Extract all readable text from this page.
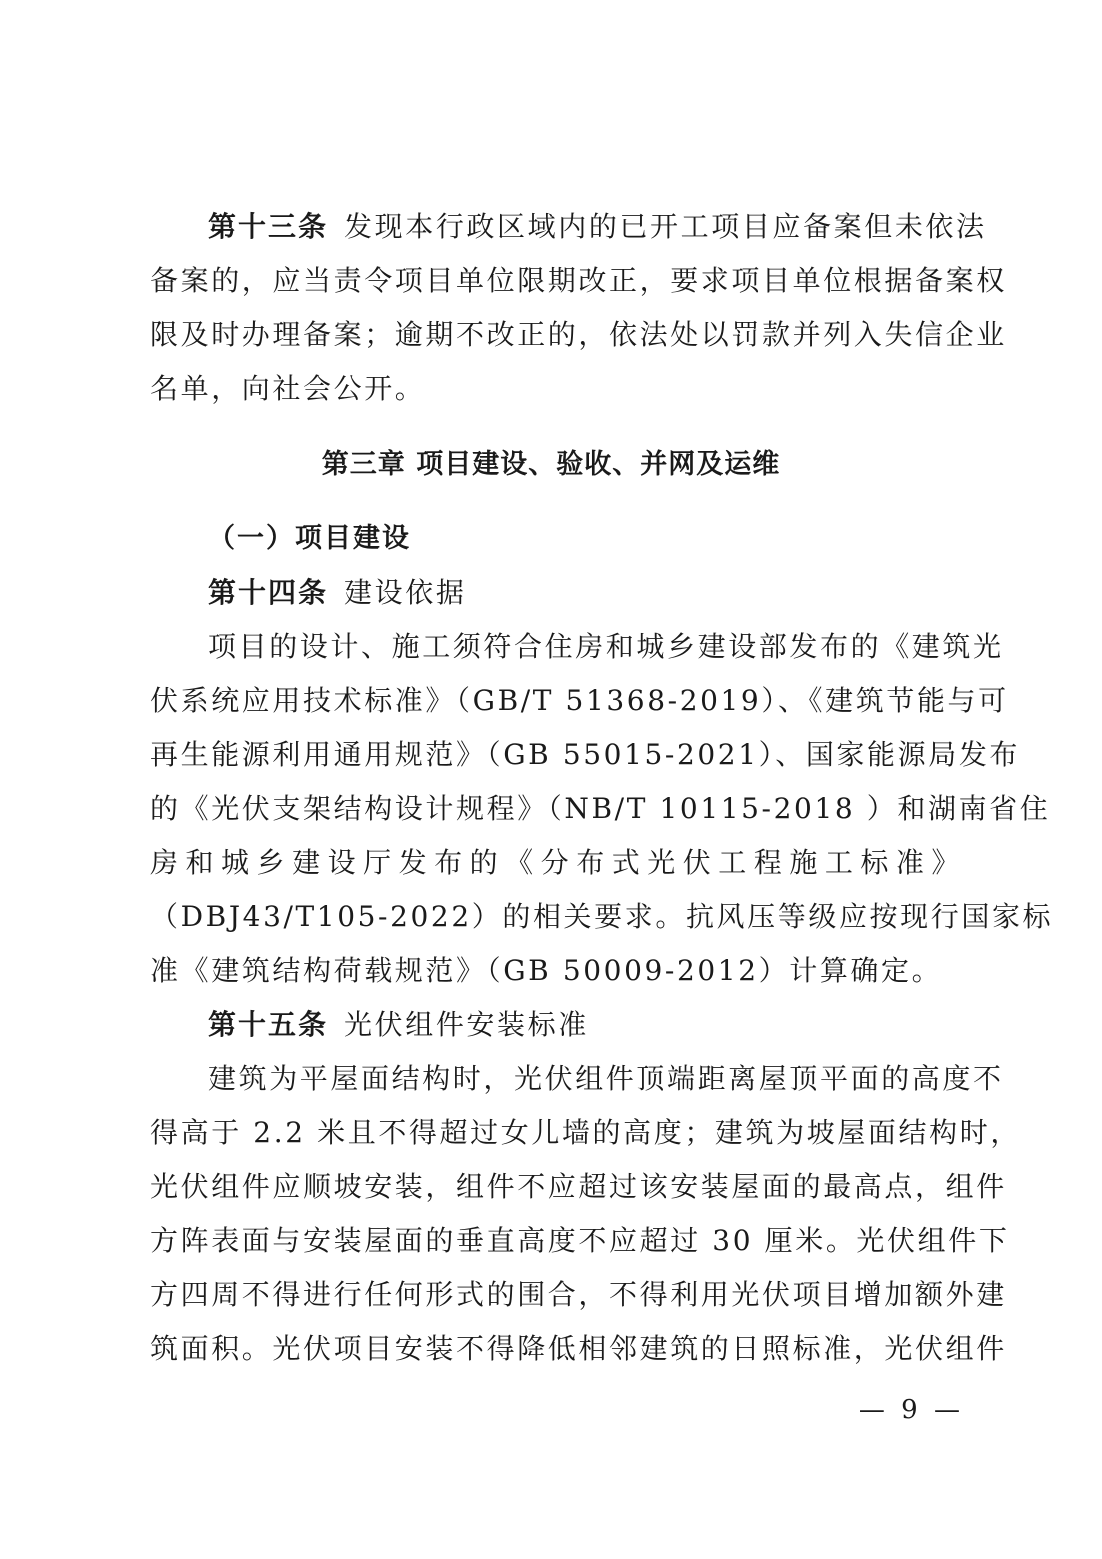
第十三条 发现本行政区域内的已开工项目应备案但未依法
备案的，应当责令项目单位限期改正，要求项目单位根据备案权
限及时办理备案；逾期不改正的，依法处以罚款并列入失信企业
名单，向社会公开。
第三章 项目建设、验收、并网及运维
（一）项目建设
第十四条 建设依据
项目的设计、施工须符合住房和城乡建设部发布的《建筑光
伏系统应用技术标准》（GB/T 51368-2019）、《建筑节能与可
再生能源利用通用规范》（GB 55015-2021）、国家能源局发布
的《光伏支架结构设计规程》（NB/T 10115-2018 ）和湖南省住
房和城乡建设厅发布的《分布式光伏工程施工标准》
（DBJ43/T105-2022）的相关要求。抗风压等级应按现行国家标
准《建筑结构荷载规范》（GB 50009-2012）计算确定。
第十五条 光伏组件安装标准
建筑为平屋面结构时，光伏组件顶端距离屋顶平面的高度不
得高于 2.2 米且不得超过女儿墙的高度；建筑为坡屋面结构时，
光伏组件应顺坡安装，组件不应超过该安装屋面的最高点，组件
方阵表面与安装屋面的垂直高度不应超过 30 厘米。光伏组件下
方四周不得进行任何形式的围合，不得利用光伏项目增加额外建
筑面积。光伏项目安装不得降低相邻建筑的日照标准，光伏组件
— 9 —
